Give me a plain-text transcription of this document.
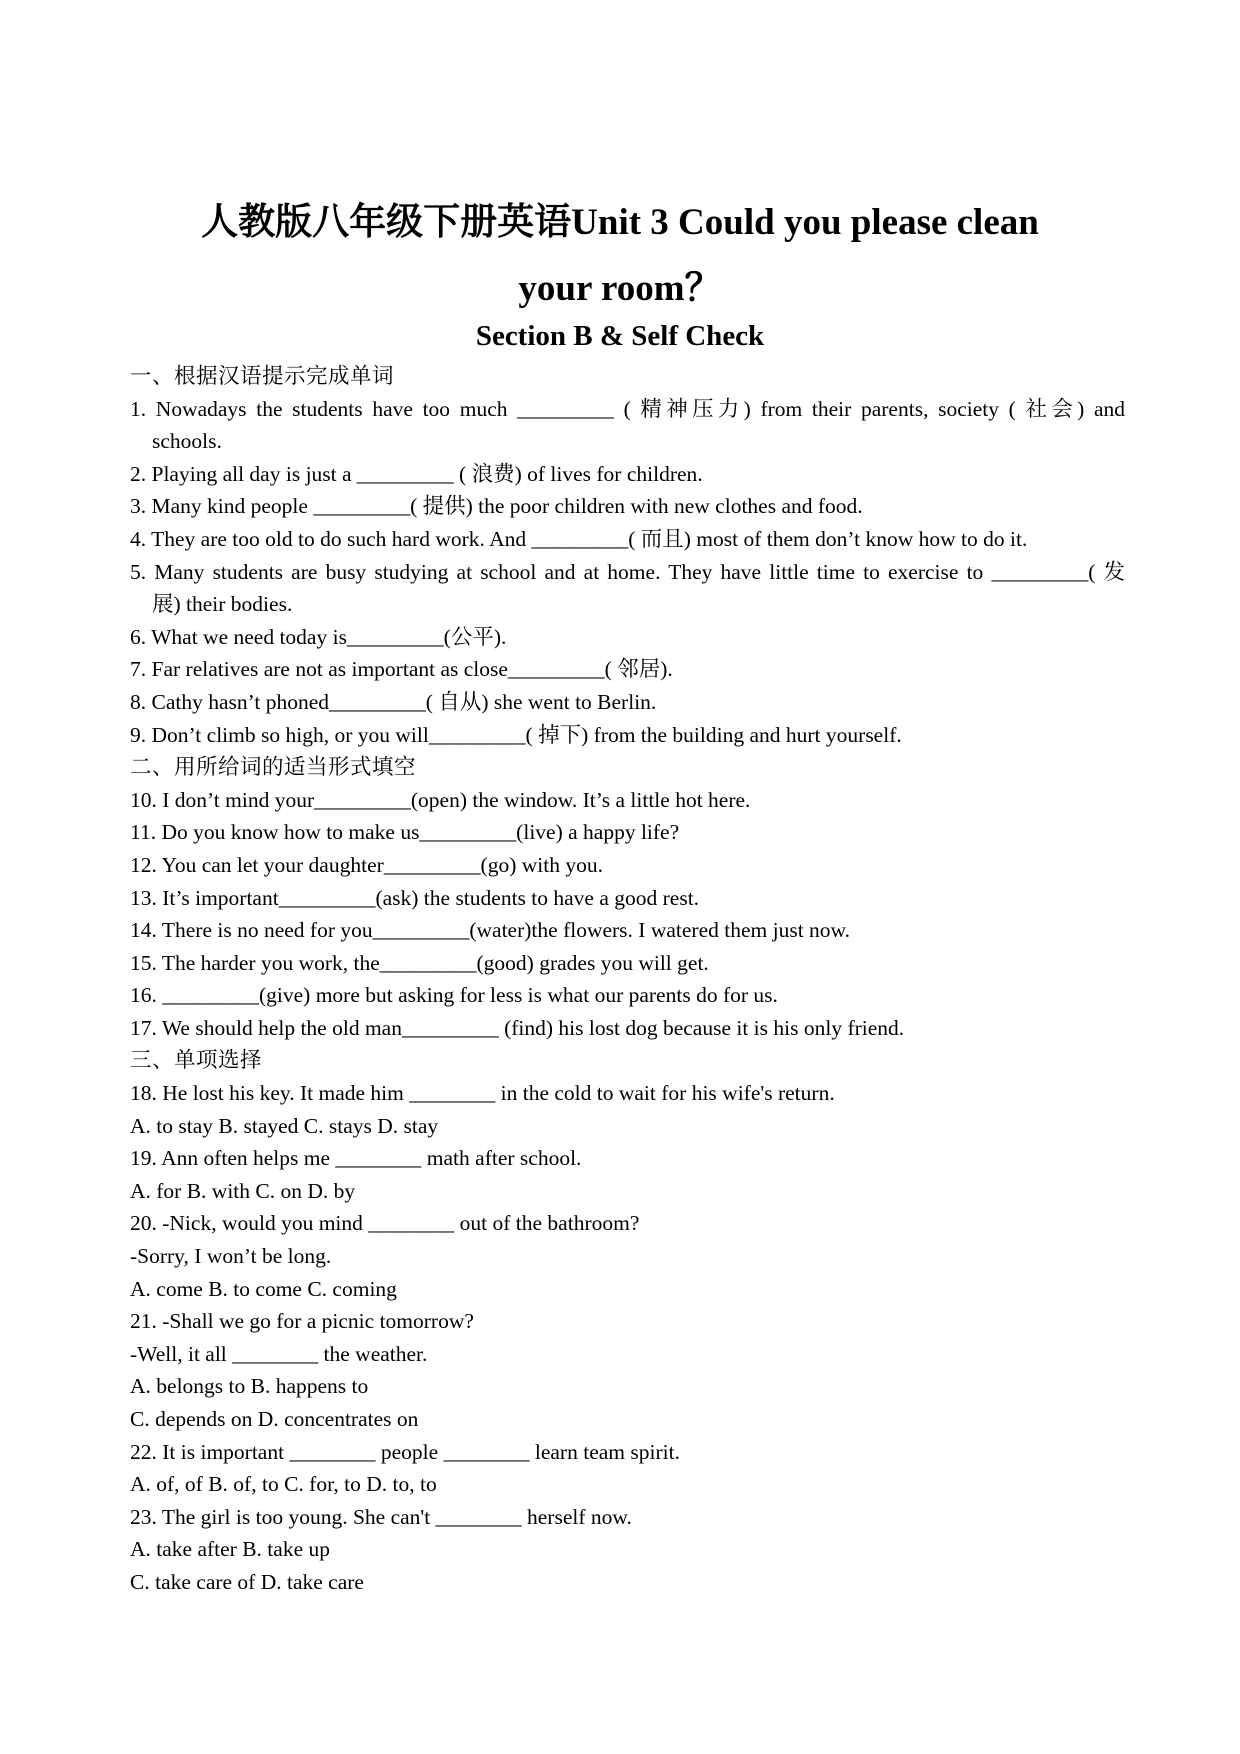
人教版八年级下册英语Unit 3 Could you please clean
your room？
Section B & Self Check
一、根据汉语提示完成单词
1. Nowadays the students have too much _________ ( 精神压力) from their parents, society ( 社会) and
schools.
2. Playing all day is just a _________ ( 浪费) of lives for children.
3. Many kind people _________( 提供) the poor children with new clothes and food.
4. They are too old to do such hard work. And _________( 而且) most of them don’t know how to do it.
5. Many students are busy studying at school and at home. They have little time to exercise to _________( 发
展) their bodies.
6. What we need today is_________(公平).
7. Far relatives are not as important as close_________( 邻居).
8. Cathy hasn’t phoned_________( 自从) she went to Berlin.
9. Don’t climb so high, or you will_________( 掉下) from the building and hurt yourself.
二、用所给词的适当形式填空
10. I don’t mind your_________(open) the window. It’s a little hot here.
11. Do you know how to make us_________(live) a happy life?
12. You can let your daughter_________(go) with you.
13. It’s important_________(ask) the students to have a good rest.
14. There is no need for you_________(water)the flowers. I watered them just now.
15. The harder you work, the_________(good) grades you will get.
16. _________(give) more but asking for less is what our parents do for us.
17. We should help the old man_________ (find) his lost dog because it is his only friend.
三、单项选择
18. He lost his key. It made him ________ in the cold to wait for his wife's return.
A. to stay B. stayed C. stays D. stay
19. Ann often helps me ________ math after school.
A. for B. with C. on D. by
20. -Nick, would you mind ________ out of the bathroom?
-Sorry, I won’t be long.
A. come B. to come C. coming
21. -Shall we go for a picnic tomorrow?
-Well, it all ________ the weather.
A. belongs to B. happens to
C. depends on D. concentrates on
22. It is important ________ people ________ learn team spirit.
A. of, of B. of, to C. for, to D. to, to
23. The girl is too young. She can't ________ herself now.
A. take after B. take up
C. take care of D. take care
